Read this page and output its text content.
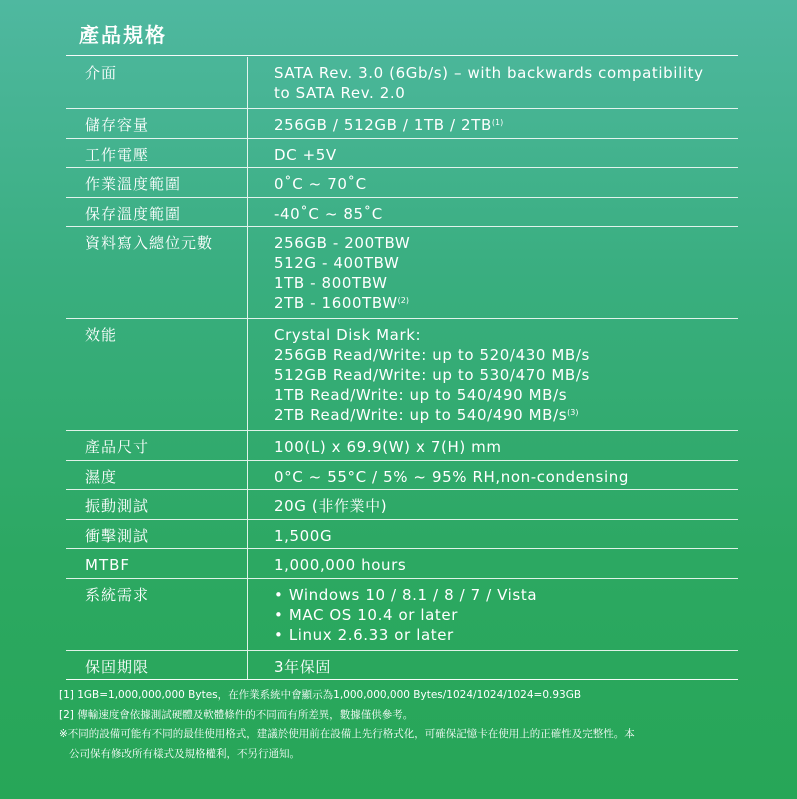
產品規格
介面	SATA Rev. 3.0 (6Gb/s) – with backwards compatibility
to SATA Rev. 2.0
儲存容量	256GB / 512GB / 1TB / 2TB$^{(1)}$
工作電壓	DC +5V
作業溫度範圍	0˚C ~ 70˚C
保存溫度範圍	-40˚C ~ 85˚C
資料寫入總位元數	256GB - 200TBW
512G - 400TBW
1TB - 800TBW
2TB - 1600TBW$^{(2)}$
效能	Crystal Disk Mark:
256GB Read/Write: up to 520/430 MB/s
512GB Read/Write: up to 530/470 MB/s
1TB Read/Write: up to 540/490 MB/s
2TB Read/Write: up to 540/490 $MB/s^{(3)}$
產品尺寸	100(L) x 69.9(W) x 7(H) mm
濕度	0°C ~ 55°C / 5% ~ 95% RH,non-condensing
振動測試	20G (非作業中)
衝擊測試	1,500G
MTBF	1,000,000 hours
系統需求	• Windows 10 / 8.1 / 8 / 7 / Vista
• MAC OS 10.4 or later
• Linux 2.6.33 or later
保固期限	3年保固
[1] 1GB=1,000,000,000 Bytes，在作業系統中會顯示為1,000,000,000 Bytes/1024/1024/1024=0.93GB
[2] 傳輸速度會依據測試硬體及軟體條件的不同而有所差異，數據僅供參考。
※不同的設備可能有不同的最佳使用格式，建議於使用前在設備上先行格式化，可確保記憶卡在使用上的正確性及完整性。本
公司保有修改所有樣式及規格權利，不另行通知。
